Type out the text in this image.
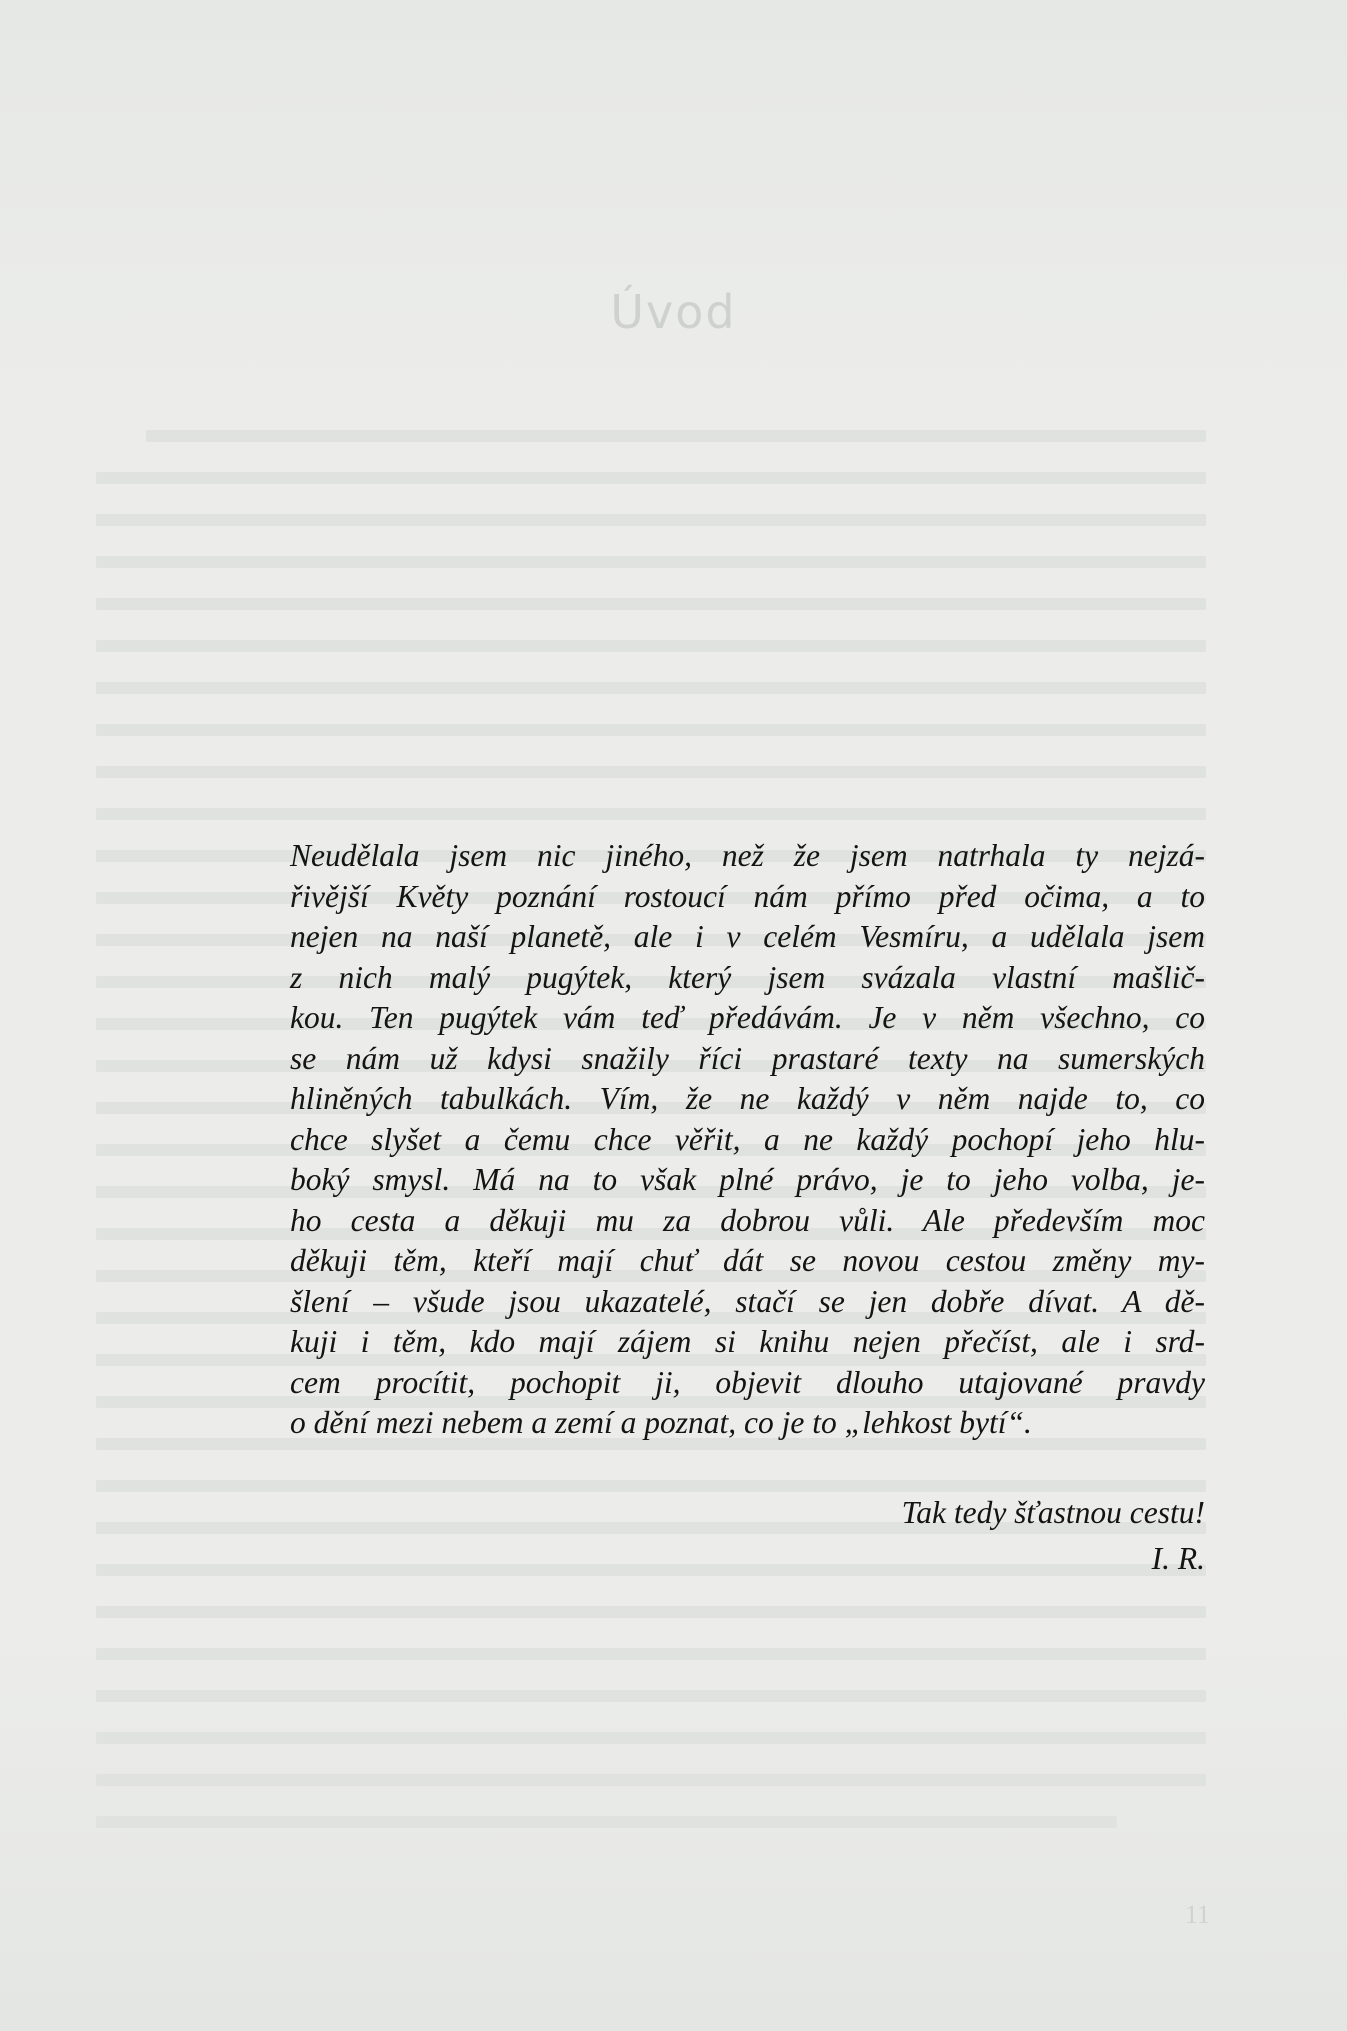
Úvod
Neudělala jsem nic jiného, než že jsem natrhala ty nejzá-
řivější Květy poznání rostoucí nám přímo před očima, a to
nejen na naší planetě, ale i v celém Vesmíru, a udělala jsem
z nich malý pugýtek, který jsem svázala vlastní mašlič-
kou. Ten pugýtek vám teď předávám. Je v něm všechno, co
se nám už kdysi snažily říci prastaré texty na sumerských
hliněných tabulkách. Vím, že ne každý v něm najde to, co
chce slyšet a čemu chce věřit, a ne každý pochopí jeho hlu-
boký smysl. Má na to však plné právo, je to jeho volba, je-
ho cesta a děkuji mu za dobrou vůli. Ale především moc
děkuji těm, kteří mají chuť dát se novou cestou změny my-
šlení – všude jsou ukazatelé, stačí se jen dobře dívat. A dě-
kuji i těm, kdo mají zájem si knihu nejen přečíst, ale i srd-
cem procítit, pochopit ji, objevit dlouho utajované pravdy
o dění mezi nebem a zemí a poznat, co je to „lehkost bytí“.
Tak tedy šťastnou cestu!
I. R.
11
